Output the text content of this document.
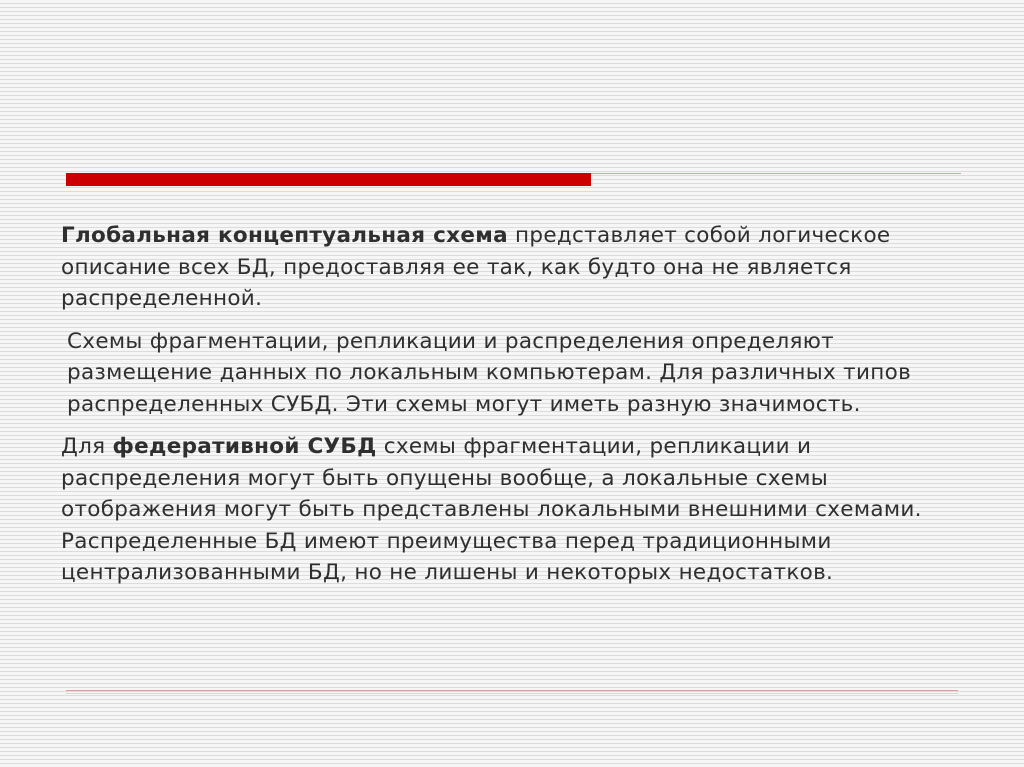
Глобальная концептуальная схема представляет собой логическое описание всех БД, предоставляя ее так, как будто она не является распределенной.

Схемы фрагментации, репликации и распределения определяют размещение данных по локальным компьютерам. Для различных типов распределенных СУБД. Эти схемы могут иметь разную значимость.

Для федеративной СУБД схемы фрагментации, репликации и распределения могут быть опущены вообще, а локальные схемы отображения могут быть представлены локальными внешними схемами. Распределенные БД имеют преимущества перед традиционными централизованными БД, но не лишены и некоторых недостатков.
